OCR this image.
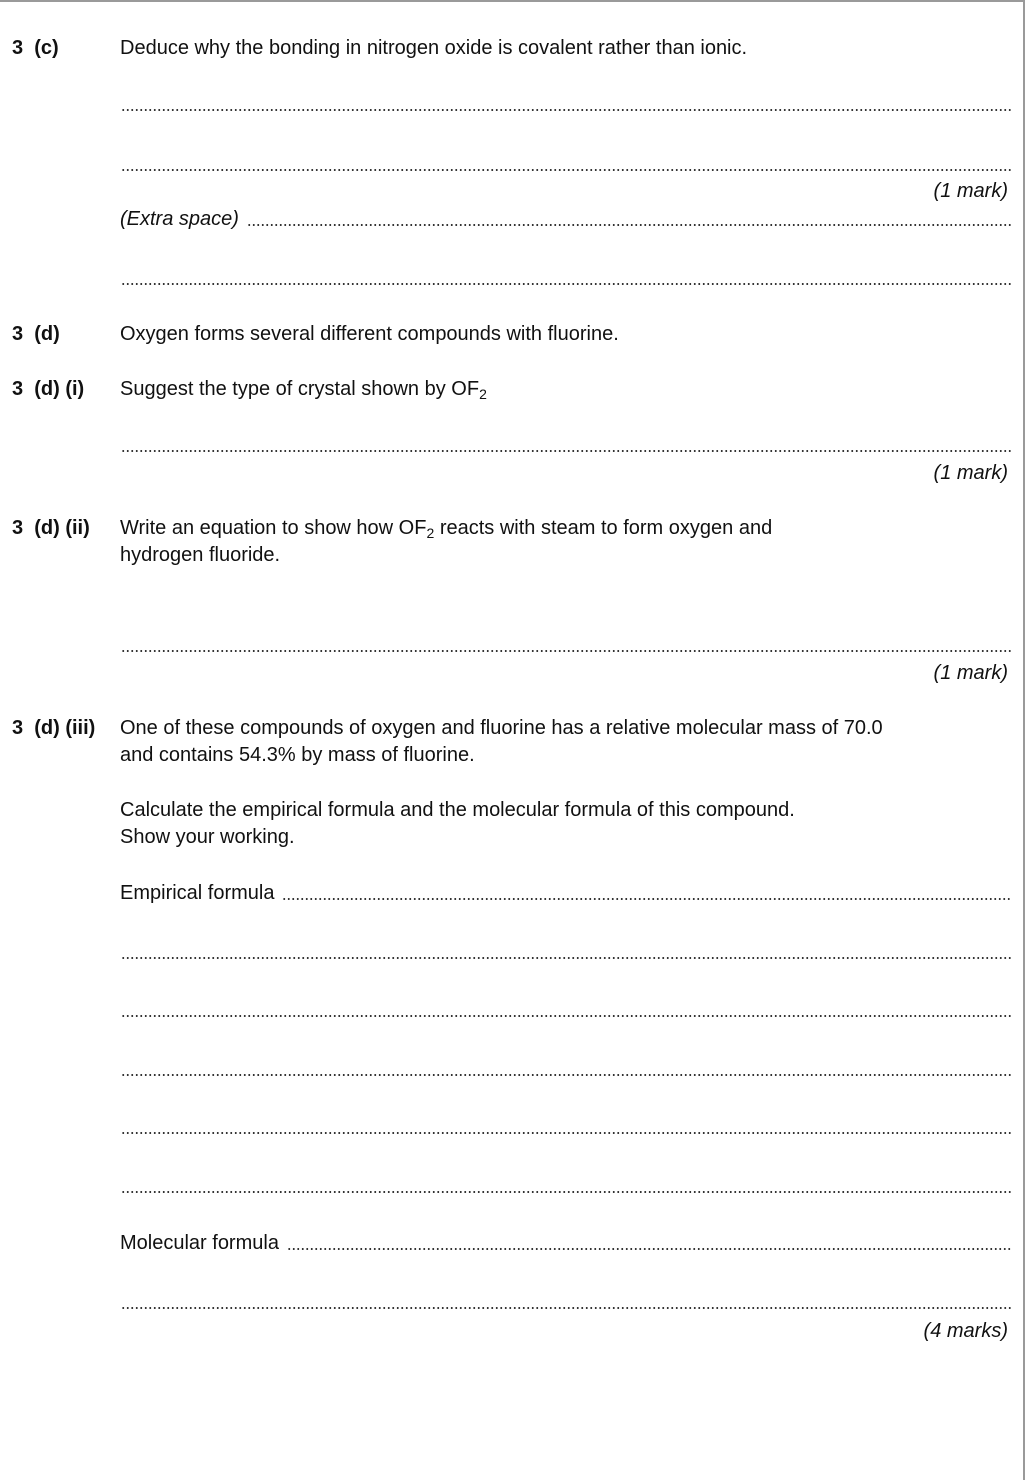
3  (c)	Deduce why the bonding in nitrogen oxide is covalent rather than ionic.
(1 mark)
(Extra space)
3  (d)	Oxygen forms several different compounds with fluorine.
3  (d) (i) Suggest the type of crystal shown by $OF_2$
(1 mark)
3  (d) (ii) Write an equation to show how $OF_2$ reacts with steam to form oxygen and
hydrogen fluoride.
(1 mark)
3  (d) (iii) One of these compounds of oxygen and fluorine has a relative molecular mass of 70.0
and contains 54.3% by mass of fluorine.
Calculate the empirical formula and the molecular formula of this compound.
Show your working.
Empirical formula
Molecular formula
(4 marks)
